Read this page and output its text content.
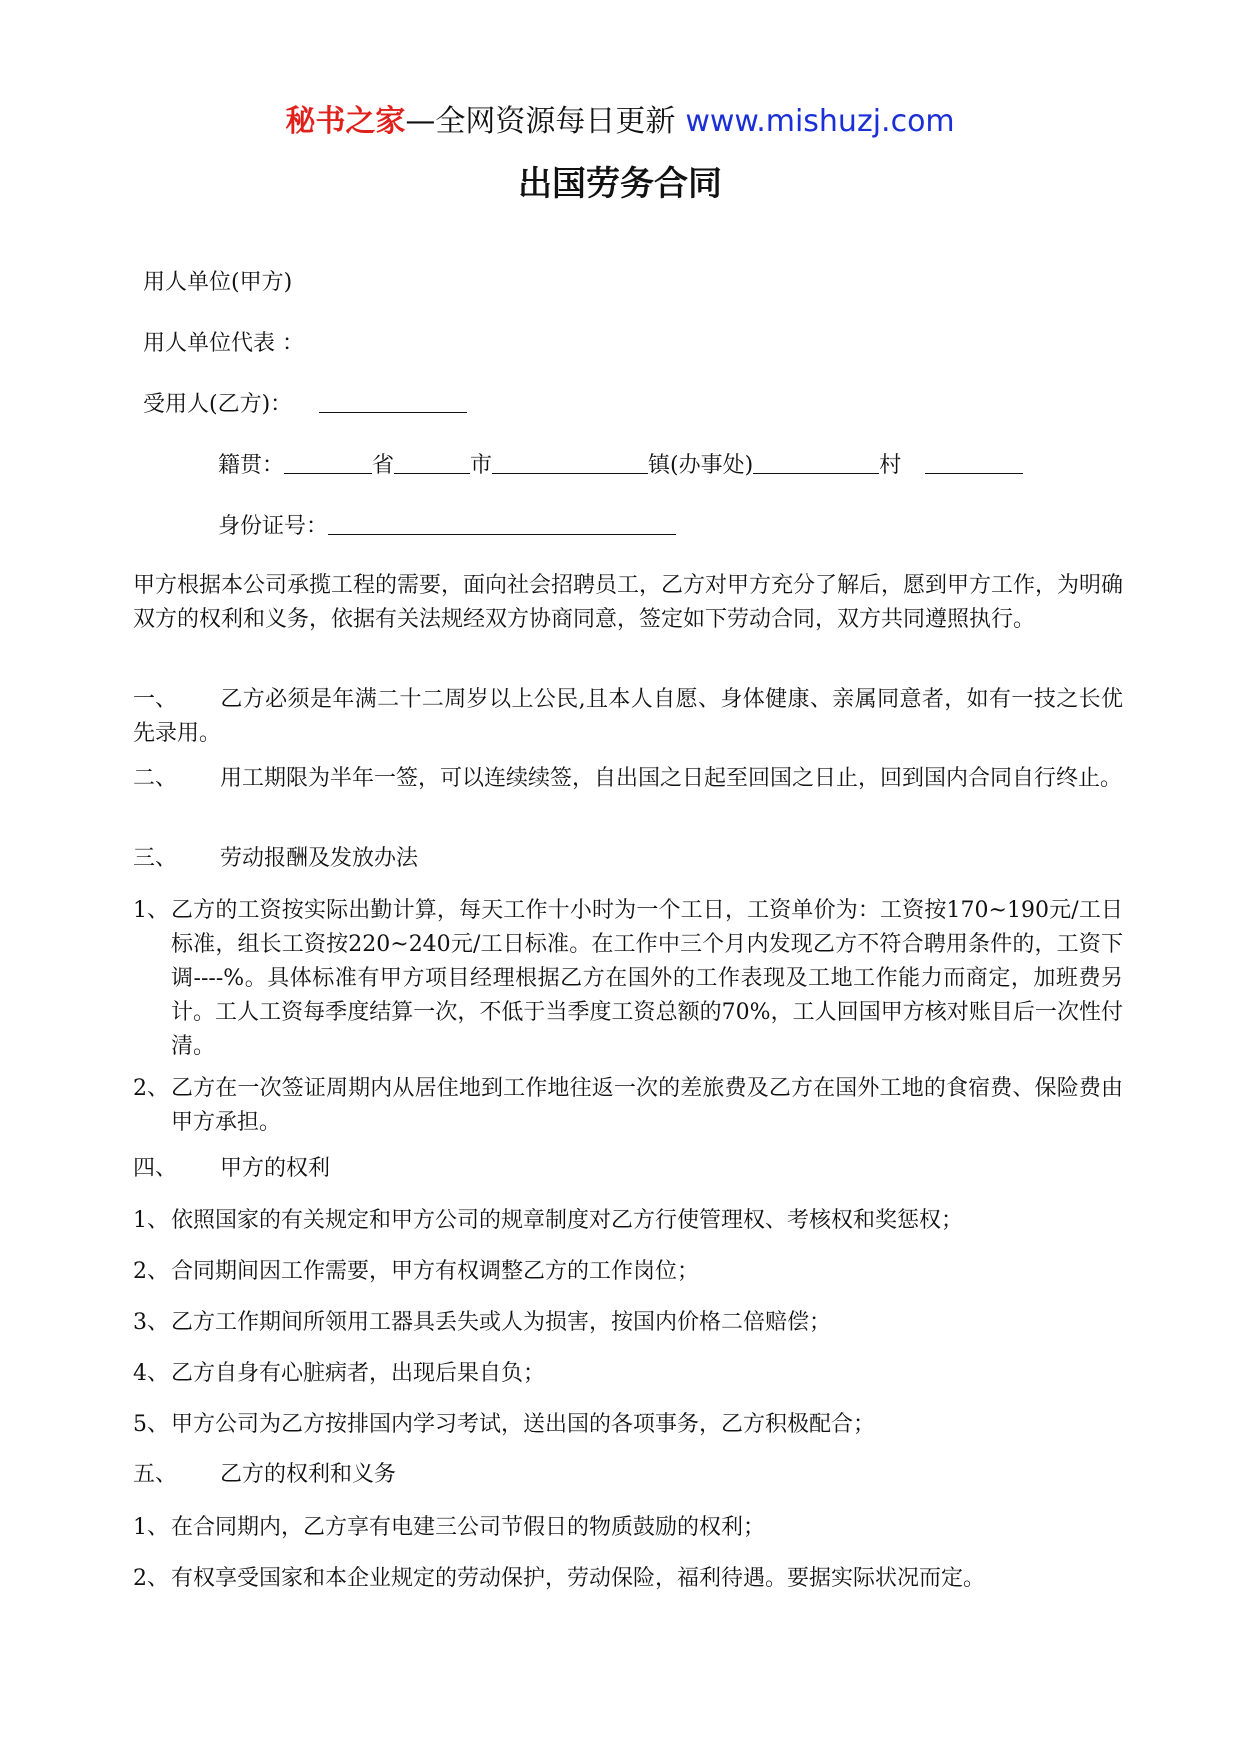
秘书之家—全网资源每日更新 www.mishuzj.com
出国劳务合同
用人单位(甲方)
用人单位代表 ：
受用人(乙方)：
籍贯：	省	市	镇(办事处)	村
身份证号：
甲方根据本公司承揽工程的需要，面向社会招聘员工，乙方对甲方充分了解后，愿到甲方工作，为明确双方的权利和义务，依据有关法规经双方协商同意，签定如下劳动合同，双方共同遵照执行。
一、 乙方必须是年满二十二周岁以上公民,且本人自愿、身体健康、亲属同意者，如有一技之长优先录用。
二、 用工期限为半年一签，可以连续续签，自出国之日起至回国之日止，回到国内合同自行终止。
三、 劳动报酬及发放办法
1、 乙方的工资按实际出勤计算，每天工作十小时为一个工日，工资单价为：工资按170~190元/工日标准，组长工资按220~240元/工日标准。在工作中三个月内发现乙方不符合聘用条件的，工资下调----%。具体标准有甲方项目经理根据乙方在国外的工作表现及工地工作能力而商定，加班费另计。工人工资每季度结算一次，不低于当季度工资总额的70%，工人回国甲方核对账目后一次性付清。
2、 乙方在一次签证周期内从居住地到工作地往返一次的差旅费及乙方在国外工地的食宿费、保险费由甲方承担。
四、 甲方的权利
1、 依照国家的有关规定和甲方公司的规章制度对乙方行使管理权、考核权和奖惩权；
2、 合同期间因工作需要，甲方有权调整乙方的工作岗位；
3、 乙方工作期间所领用工器具丢失或人为损害，按国内价格二倍赔偿；
4、 乙方自身有心脏病者，出现后果自负；
5、 甲方公司为乙方按排国内学习考试，送出国的各项事务，乙方积极配合；
五、 乙方的权利和义务
1、 在合同期内，乙方享有电建三公司节假日的物质鼓励的权利；
2、 有权享受国家和本企业规定的劳动保护，劳动保险，福利待遇。要据实际状况而定。
